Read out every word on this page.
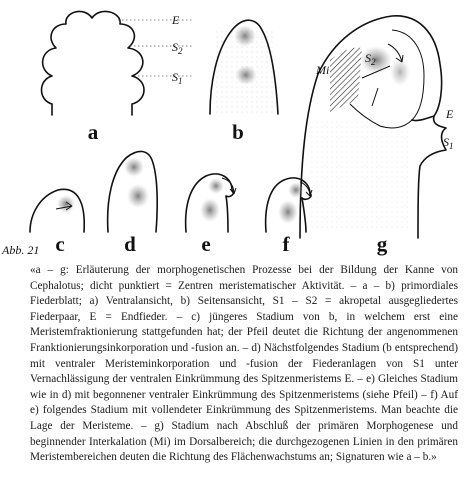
E
$S_2$
$S_1$
Mi
$S_2$
E
$S_1$
a	b
c	d	e	f	g
Abb. 21

«a – g: Erläuterung der morphogenetischen Prozesse bei der Bildung der Kanne von Cephalotus; dicht punktiert = Zentren meristematischer Aktivität. – a – b) primordiales Fiederblatt; a) Ventralansicht, b) Seitensansicht, S1 – S2 = akropetal ausgegliedertes Fiederpaar, E = Endfieder. – c) jüngeres Stadium von b, in welchem erst eine Meristemfraktionierung stattgefunden hat; der Pfeil deutet die Richtung der angenommenen Franktionierungsinkorporation und -fusion an. – d) Nächstfolgendes Stadium (b entsprechend) mit ventraler Meristeminkorporation und -fusion der Fiederanlagen von S1 unter Vernachlässigung der ventralen Einkrümmung des Spitzenmeristems E. – e) Gleiches Stadium wie in d) mit begonnener ventraler Einkrümmung des Spitzenmeristems (siehe Pfeil) – f) Auf e) folgendes Stadium mit vollendeter Einkrümmung des Spitzenmeristems. Man beachte die Lage der Meristeme. – g) Stadium nach Abschluß der primären Morphogenese und beginnender Interkalation (Mi) im Dorsalbereich; die durchgezogenen Linien in den primären Meristembereichen deuten die Richtung des Flächenwachstums an; Signaturen wie a – b.»
